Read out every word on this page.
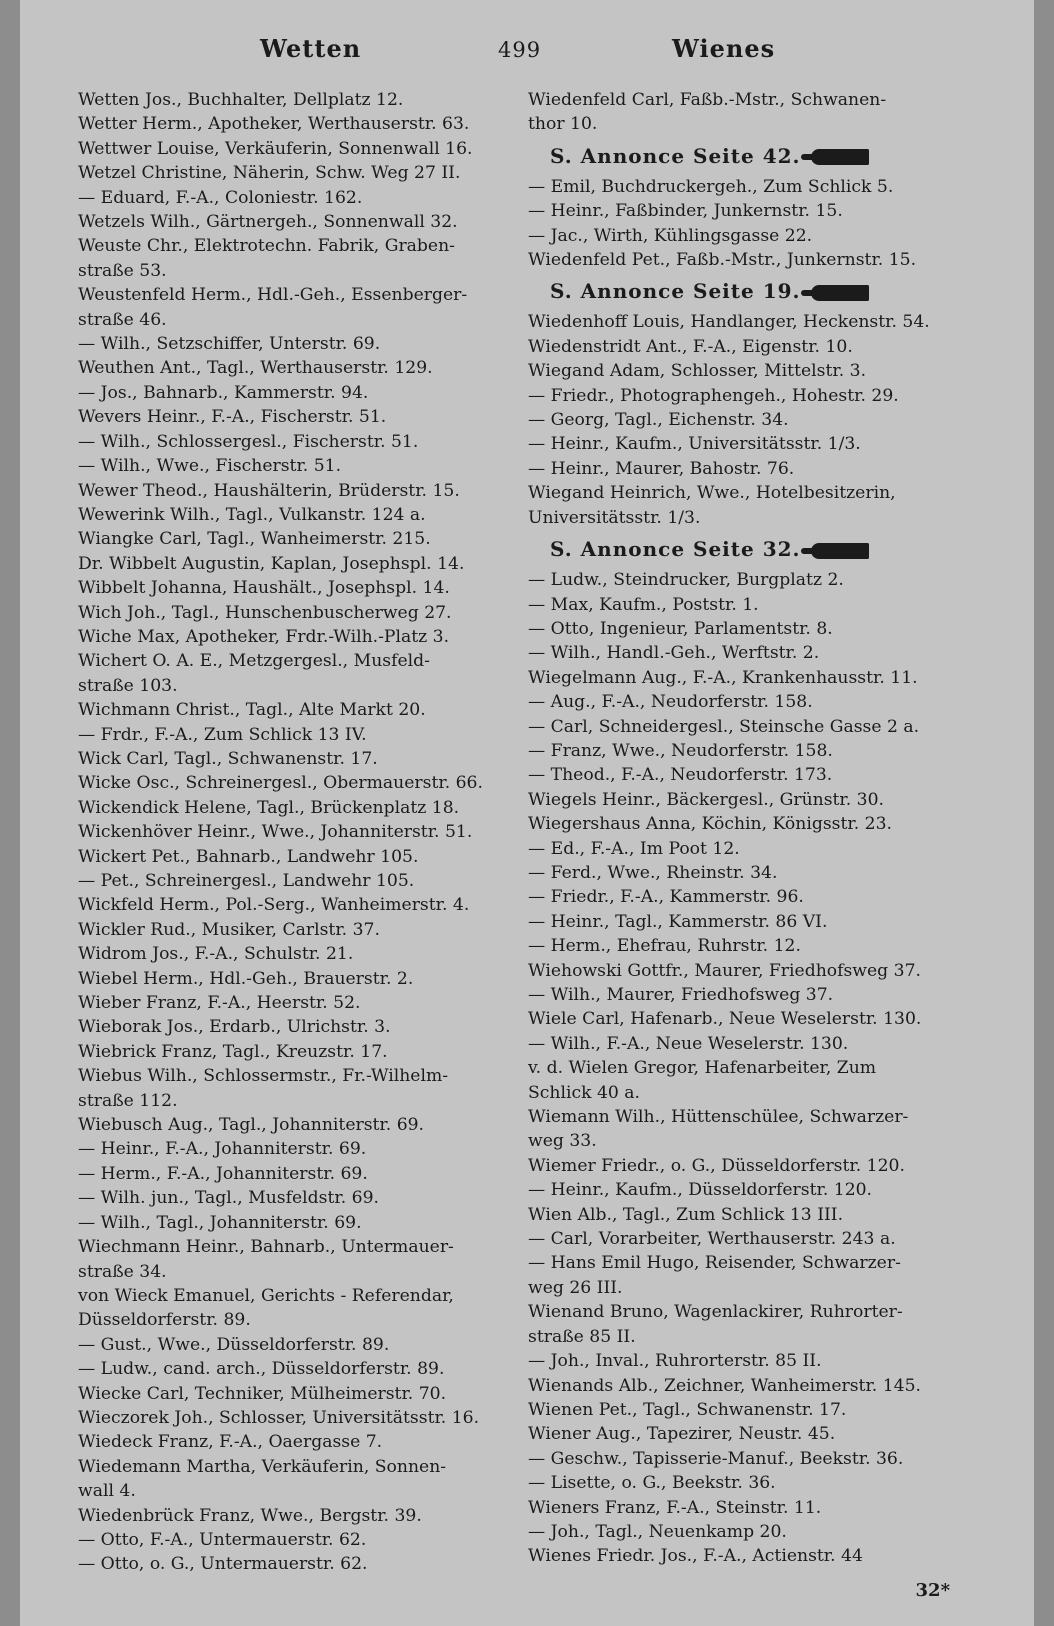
Wetten	499	Wienes
Wetten Jos., Buchhalter, Dellplatz 12.
Wetter Herm., Apotheker, Werthauserstr. 63.
Wettwer Louise, Verkäuferin, Sonnenwall 16.
Wetzel Christine, Näherin, Schw. Weg 27 II.
— Eduard, F.-A., Coloniestr. 162.
Wetzels Wilh., Gärtnergeh., Sonnenwall 32.
Weuste Chr., Elektrotechn. Fabrik, Graben-
straße 53.
Weustenfeld Herm., Hdl.-Geh., Essenberger-
straße 46.
— Wilh., Setzschiffer, Unterstr. 69.
Weuthen Ant., Tagl., Werthauserstr. 129.
— Jos., Bahnarb., Kammerstr. 94.
Wevers Heinr., F.-A., Fischerstr. 51.
— Wilh., Schlossergesl., Fischerstr. 51.
— Wilh., Wwe., Fischerstr. 51.
Wewer Theod., Haushälterin, Brüderstr. 15.
Wewerink Wilh., Tagl., Vulkanstr. 124 a.
Wiangke Carl, Tagl., Wanheimerstr. 215.
Dr. Wibbelt Augustin, Kaplan, Josephspl. 14.
Wibbelt Johanna, Haushält., Josephspl. 14.
Wich Joh., Tagl., Hunschenbuscherweg 27.
Wiche Max, Apotheker, Frdr.-Wilh.-Platz 3.
Wichert O. A. E., Metzgergesl., Musfeld-
straße 103.
Wichmann Christ., Tagl., Alte Markt 20.
— Frdr., F.-A., Zum Schlick 13 IV.
Wick Carl, Tagl., Schwanenstr. 17.
Wicke Osc., Schreinergesl., Obermauerstr. 66.
Wickendick Helene, Tagl., Brückenplatz 18.
Wickenhöver Heinr., Wwe., Johanniterstr. 51.
Wickert Pet., Bahnarb., Landwehr 105.
— Pet., Schreinergesl., Landwehr 105.
Wickfeld Herm., Pol.-Serg., Wanheimerstr. 4.
Wickler Rud., Musiker, Carlstr. 37.
Widrom Jos., F.-A., Schulstr. 21.
Wiebel Herm., Hdl.-Geh., Brauerstr. 2.
Wieber Franz, F.-A., Heerstr. 52.
Wieborak Jos., Erdarb., Ulrichstr. 3.
Wiebrick Franz, Tagl., Kreuzstr. 17.
Wiebus Wilh., Schlossermstr., Fr.-Wilhelm-
straße 112.
Wiebusch Aug., Tagl., Johanniterstr. 69.
— Heinr., F.-A., Johanniterstr. 69.
— Herm., F.-A., Johanniterstr. 69.
— Wilh. jun., Tagl., Musfeldstr. 69.
— Wilh., Tagl., Johanniterstr. 69.
Wiechmann Heinr., Bahnarb., Untermauer-
straße 34.
von Wieck Emanuel, Gerichts - Referendar,
Düsseldorferstr. 89.
— Gust., Wwe., Düsseldorferstr. 89.
— Ludw., cand. arch., Düsseldorferstr. 89.
Wiecke Carl, Techniker, Mülheimerstr. 70.
Wieczorek Joh., Schlosser, Universitätsstr. 16.
Wiedeck Franz, F.-A., Oaergasse 7.
Wiedemann Martha, Verkäuferin, Sonnen-
wall 4.
Wiedenbrück Franz, Wwe., Bergstr. 39.
— Otto, F.-A., Untermauerstr. 62.
— Otto, o. G., Untermauerstr. 62.
Wiedenfeld Carl, Faßb.-Mstr., Schwanen-
thor 10.
S. Annonce Seite 42.
— Emil, Buchdruckergeh., Zum Schlick 5.
— Heinr., Faßbinder, Junkernstr. 15.
— Jac., Wirth, Kühlingsgasse 22.
Wiedenfeld Pet., Faßb.-Mstr., Junkernstr. 15.
S. Annonce Seite 19.
Wiedenhoff Louis, Handlanger, Heckenstr. 54.
Wiedenstridt Ant., F.-A., Eigenstr. 10.
Wiegand Adam, Schlosser, Mittelstr. 3.
— Friedr., Photographengeh., Hohestr. 29.
— Georg, Tagl., Eichenstr. 34.
— Heinr., Kaufm., Universitätsstr. 1/3.
— Heinr., Maurer, Bahostr. 76.
Wiegand Heinrich, Wwe., Hotelbesitzerin,
Universitätsstr. 1/3.
S. Annonce Seite 32.
— Ludw., Steindrucker, Burgplatz 2.
— Max, Kaufm., Poststr. 1.
— Otto, Ingenieur, Parlamentstr. 8.
— Wilh., Handl.-Geh., Werftstr. 2.
Wiegelmann Aug., F.-A., Krankenhausstr. 11.
— Aug., F.-A., Neudorferstr. 158.
— Carl, Schneidergesl., Steinsche Gasse 2 a.
— Franz, Wwe., Neudorferstr. 158.
— Theod., F.-A., Neudorferstr. 173.
Wiegels Heinr., Bäckergesl., Grünstr. 30.
Wiegershaus Anna, Köchin, Königsstr. 23.
— Ed., F.-A., Im Poot 12.
— Ferd., Wwe., Rheinstr. 34.
— Friedr., F.-A., Kammerstr. 96.
— Heinr., Tagl., Kammerstr. 86 VI.
— Herm., Ehefrau, Ruhrstr. 12.
Wiehowski Gottfr., Maurer, Friedhofsweg 37.
— Wilh., Maurer, Friedhofsweg 37.
Wiele Carl, Hafenarb., Neue Weselerstr. 130.
— Wilh., F.-A., Neue Weselerstr. 130.
v. d. Wielen Gregor, Hafenarbeiter, Zum
Schlick 40 a.
Wiemann Wilh., Hüttenschülee, Schwarzer-
weg 33.
Wiemer Friedr., o. G., Düsseldorferstr. 120.
— Heinr., Kaufm., Düsseldorferstr. 120.
Wien Alb., Tagl., Zum Schlick 13 III.
— Carl, Vorarbeiter, Werthauserstr. 243 a.
— Hans Emil Hugo, Reisender, Schwarzer-
weg 26 III.
Wienand Bruno, Wagenlackirer, Ruhrorter-
straße 85 II.
— Joh., Inval., Ruhrorterstr. 85 II.
Wienands Alb., Zeichner, Wanheimerstr. 145.
Wienen Pet., Tagl., Schwanenstr. 17.
Wiener Aug., Tapezirer, Neustr. 45.
— Geschw., Tapisserie-Manuf., Beekstr. 36.
— Lisette, o. G., Beekstr. 36.
Wieners Franz, F.-A., Steinstr. 11.
— Joh., Tagl., Neuenkamp 20.
Wienes Friedr. Jos., F.-A., Actienstr. 44
32*
